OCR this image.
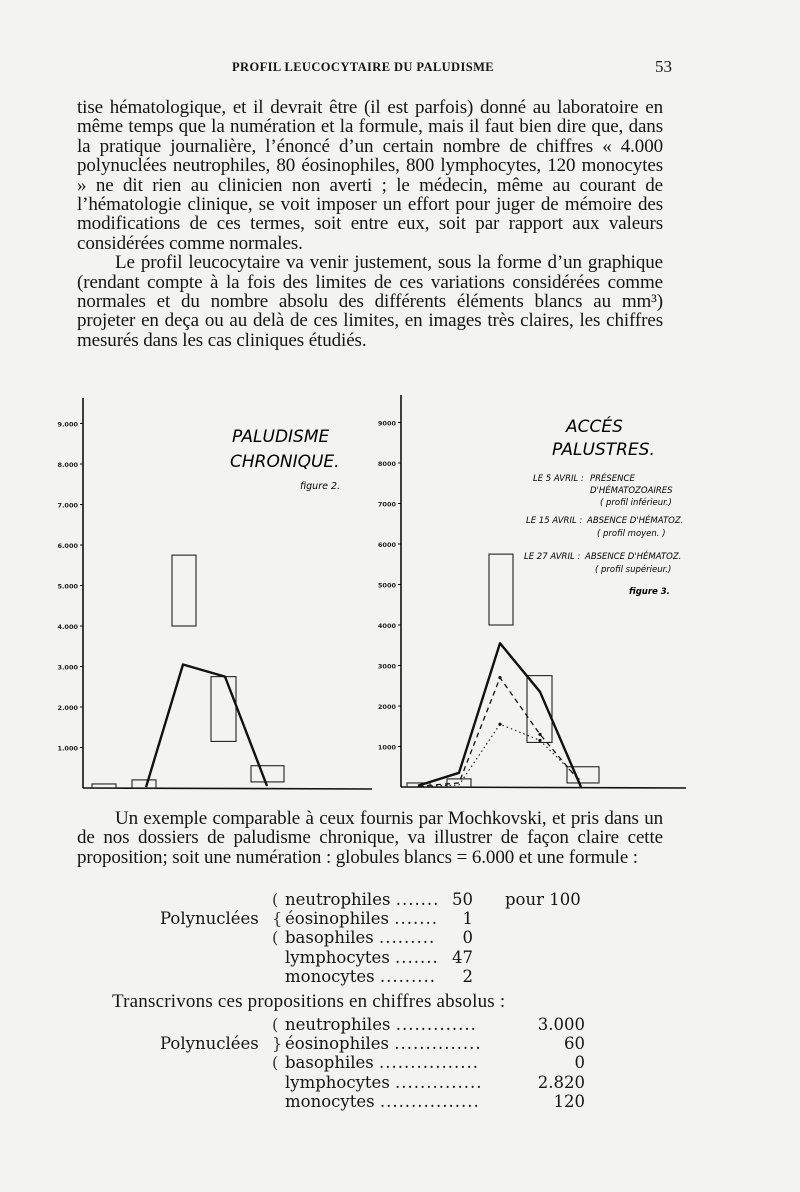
PROFIL LEUCOCYTAIRE DU PALUDISME	53

tise hématologique, et il devrait être (il est parfois) donné au laboratoire en même temps que la numération et la formule, mais il faut bien dire que, dans la pratique journalière, l’énoncé d’un certain nombre de chiffres « 4.000 polynuclées neutrophiles, 80 éosinophiles, 800 lymphocytes, 120 monocytes » ne dit rien au clinicien non averti ; le médecin, même au courant de l’hématologie clinique, se voit imposer un effort pour juger de mémoire des modifications de ces termes, soit entre eux, soit par rapport aux valeurs considérées comme normales.

Le profil leucocytaire va venir justement, sous la forme d’un graphique (rendant compte à la fois des limites de ces variations considérées comme normales et du nombre absolu des différents éléments blancs au mm³) projeter en deça ou au delà de ces limites, en images très claires, les chiffres mesurés dans les cas cliniques étudiés.

1.000
2.000
3.000
4.000
5.000
6.000
7.000
8.000
9.000
1000
2000
3000
4000
5000
6000
7000
8000
9000
PALUDISME
CHRONIQUE.
figure 2.
ACCÉS
PALUSTRES.
LE 5 AVRIL : PRÉSENCE
D'HÉMATOZOAIRES
( profil inférieur.)
LE 15 AVRIL : ABSENCE D'HÉMATOZ.
( profil moyen. )
LE 27 AVRIL : ABSENCE D'HÉMATOZ.
( profil supérieur.)
figure 3.

Un exemple comparable à ceux fournis par Mochkovski, et pris dans un de nos dossiers de paludisme chronique, va illustrer de façon claire cette proposition; soit une numération : globules blancs = 6.000 et une formule :

( neutrophiles ....... 50 pour 100
Polynuclées { éosinophiles .......	1
( basophiles .........	0
lymphocytes ....... 47
monocytes .........	2
Transcrivons ces propositions en chiffres absolus :
( neutrophiles .............	3.000
Polynuclées } éosinophiles ..............	60
( basophiles ................	0
lymphocytes ..............	2.820
monocytes ................	120
